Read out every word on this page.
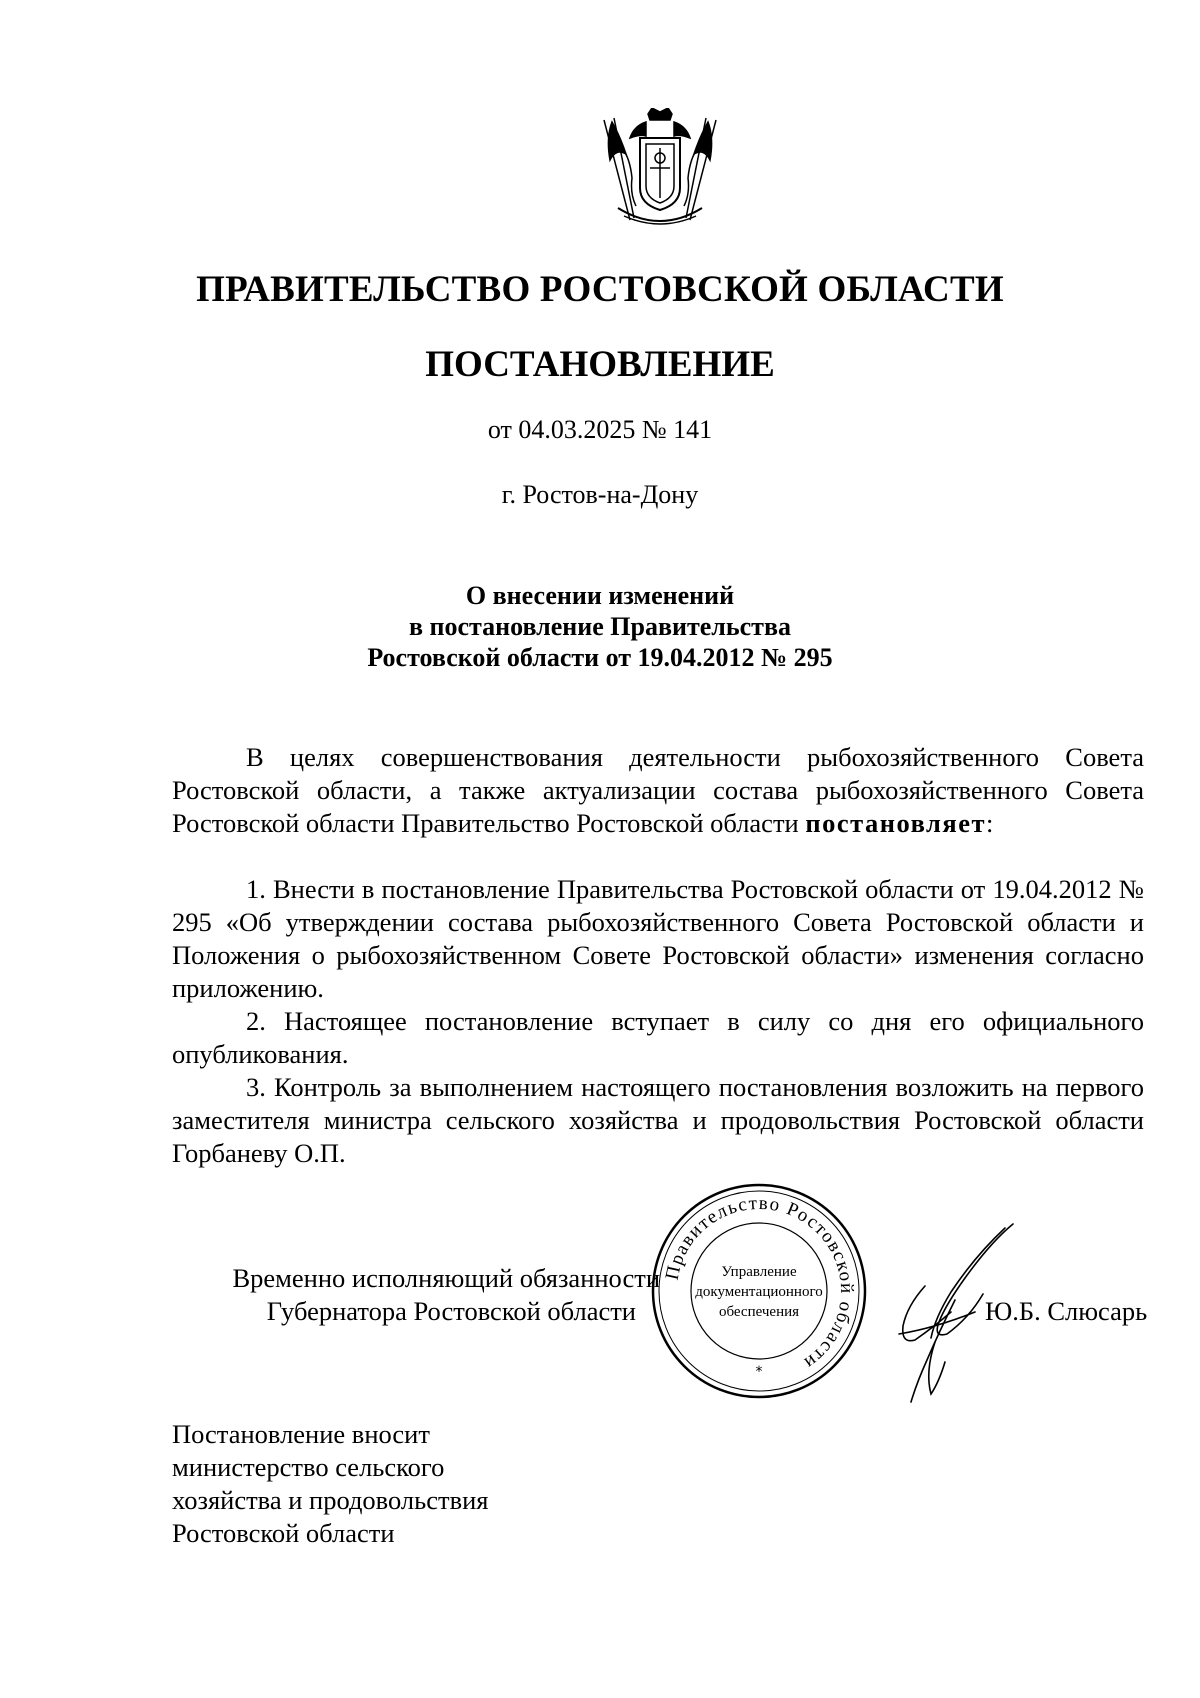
ПРАВИТЕЛЬСТВО РОСТОВСКОЙ ОБЛАСТИ
ПОСТАНОВЛЕНИЕ
от 04.03.2025 № 141
г. Ростов-на-Дону
О внесении изменений
в постановление Правительства
Ростовской области от 19.04.2012 № 295
В целях совершенствования деятельности рыбохозяйственного Совета Ростовской области, а также актуализации состава рыбохозяйственного Совета Ростовской области Правительство Ростовской области постановляет:
1. Внести в постановление Правительства Ростовской области от 19.04.2012 № 295 «Об утверждении состава рыбохозяйственного Совета Ростовской области и Положения о рыбохозяйственном Совете Ростовской области» изменения согласно приложению.
2. Настоящее постановление вступает в силу со дня его официального опубликования.
3. Контроль за выполнением настоящего постановления возложить на первого заместителя министра сельского хозяйства и продовольствия Ростовской области Горбаневу О.П.
Временно исполняющий обязанности
Губернатора Ростовской области
Правительство Ростовской области
Управление
документационного
обеспечения
*
Ю.Б. Слюсарь
Постановление вносит
министерство сельского
хозяйства и продовольствия
Ростовской области
